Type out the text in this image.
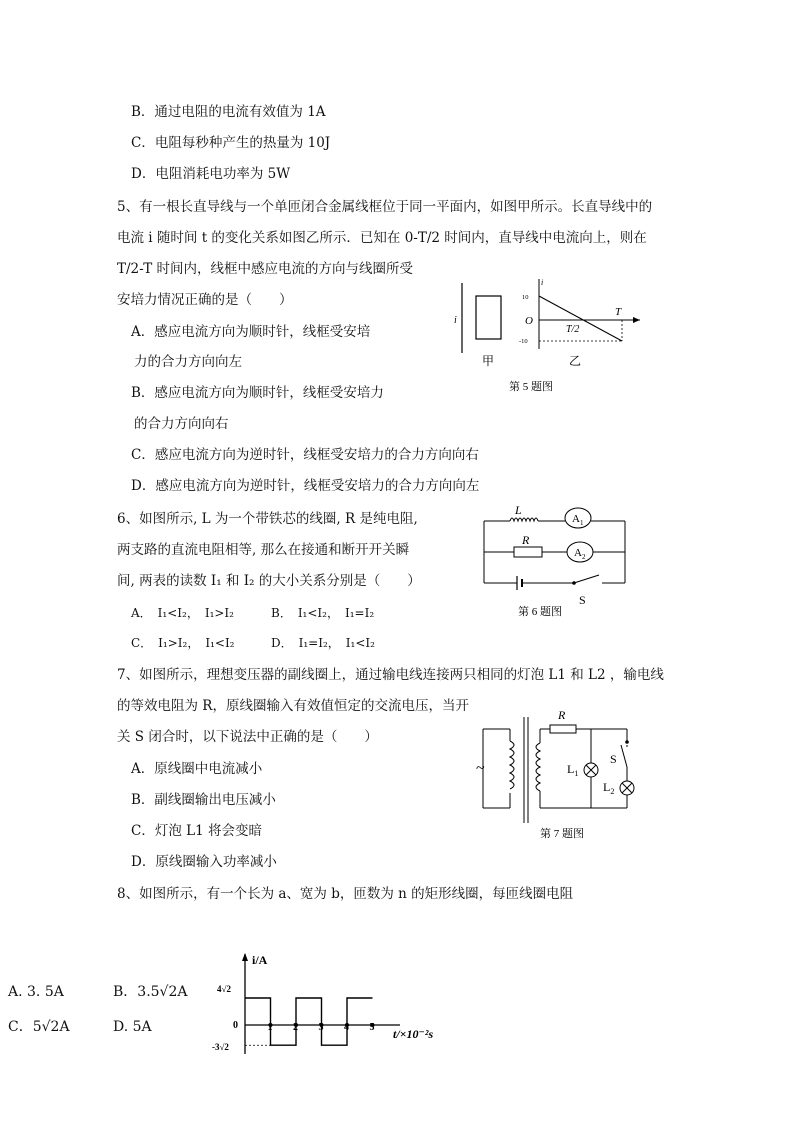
B．通过电阻的电流有效值为 1A
C．电阻每秒种产生的热量为 10J
D．电阻消耗电功率为 5W
5、有一根长直导线与一个单匝闭合金属线框位于同一平面内，如图甲所示。长直导线中的
电流 i 随时间 t 的变化关系如图乙所示．已知在 0-T/2 时间内，直导线中电流向上，则在
T/2-T 时间内，线框中感应电流的方向与线圈所受
安培力情况正确的是（　　）
A．感应电流方向为顺时针，线框受安培
力的合力方向向左
B．感应电流方向为顺时针，线框受安培力
的合力方向向右
C．感应电流方向为逆时针，线框受安培力的合力方向向右
D．感应电流方向为逆时针，线框受安培力的合力方向向左
i
甲
i
10
-10
O
T/2
T
乙
第 5 题图
6、如图所示, L 为一个带铁芯的线圈, R 是纯电阻,
两支路的直流电阻相等, 那么在接通和断开开关瞬
间, 两表的读数 I₁ 和 I₂ 的大小关系分别是（　　）
A．　I₁<I₂，　I₁>I₂	B．　I₁<I₂，　I₁=I₂
C．　I₁>I₂，　I₁<I₂	D．　I₁=I₂，　I₁<I₂
L
$A_1$
R
$A_2$
S
第 6 题图
7、如图所示，理想变压器的副线圈上，通过输电线连接两只相同的灯泡 L1 和 L2 ，输电线
的等效电阻为 R，原线圈输入有效值恒定的交流电压，当开
关 S 闭合时，以下说法中正确的是（　　）
A．原线圈中电流减小
B．副线圈输出电压减小
C．灯泡 L1 将会变暗
D．原线圈输入功率减小
~
R
$L_1$
S
$L_2$
第 7 题图
8、如图所示，有一个长为 a、宽为 b，匝数为 n 的矩形线圈，每匝线圈电阻
A. 3. 5A	B．3.5√2A
C．5√2A	D. 5A
i/A
4√2
0
-3√2
t/×10⁻²s
1 2 3 4 5
